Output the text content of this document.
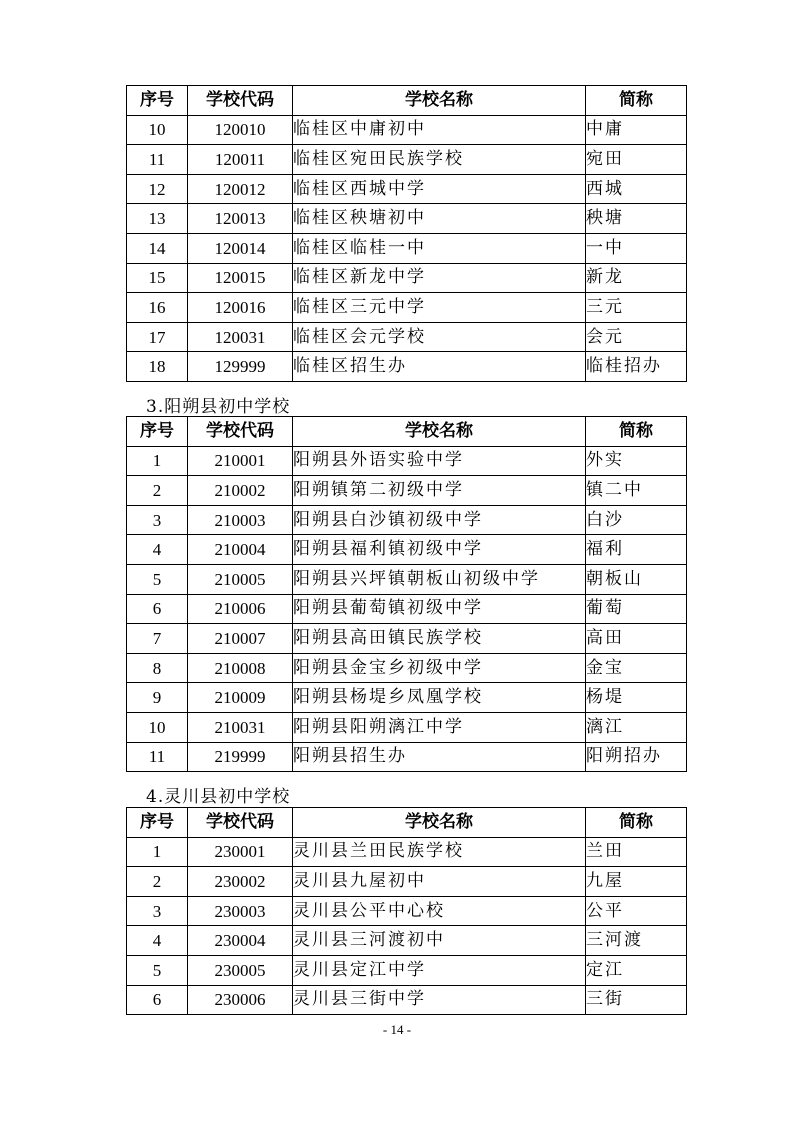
序号	学校代码	学校名称	简称
10	120010	临桂区中庸初中	中庸
11	120011	临桂区宛田民族学校	宛田
12	120012	临桂区西城中学	西城
13	120013	临桂区秧塘初中	秧塘
14	120014	临桂区临桂一中	一中
15	120015	临桂区新龙中学	新龙
16	120016	临桂区三元中学	三元
17	120031	临桂区会元学校	会元
18	129999	临桂区招生办	临桂招办
3.阳朔县初中学校
序号	学校代码	学校名称	简称
1	210001	阳朔县外语实验中学	外实
2	210002	阳朔镇第二初级中学	镇二中
3	210003	阳朔县白沙镇初级中学	白沙
4	210004	阳朔县福利镇初级中学	福利
5	210005	阳朔县兴坪镇朝板山初级中学	朝板山
6	210006	阳朔县葡萄镇初级中学	葡萄
7	210007	阳朔县高田镇民族学校	高田
8	210008	阳朔县金宝乡初级中学	金宝
9	210009	阳朔县杨堤乡凤凰学校	杨堤
10	210031	阳朔县阳朔漓江中学	漓江
11	219999	阳朔县招生办	阳朔招办
4.灵川县初中学校
序号	学校代码	学校名称	简称
1	230001	灵川县兰田民族学校	兰田
2	230002	灵川县九屋初中	九屋
3	230003	灵川县公平中心校	公平
4	230004	灵川县三河渡初中	三河渡
5	230005	灵川县定江中学	定江
6	230006	灵川县三街中学	三街
- 14 -
